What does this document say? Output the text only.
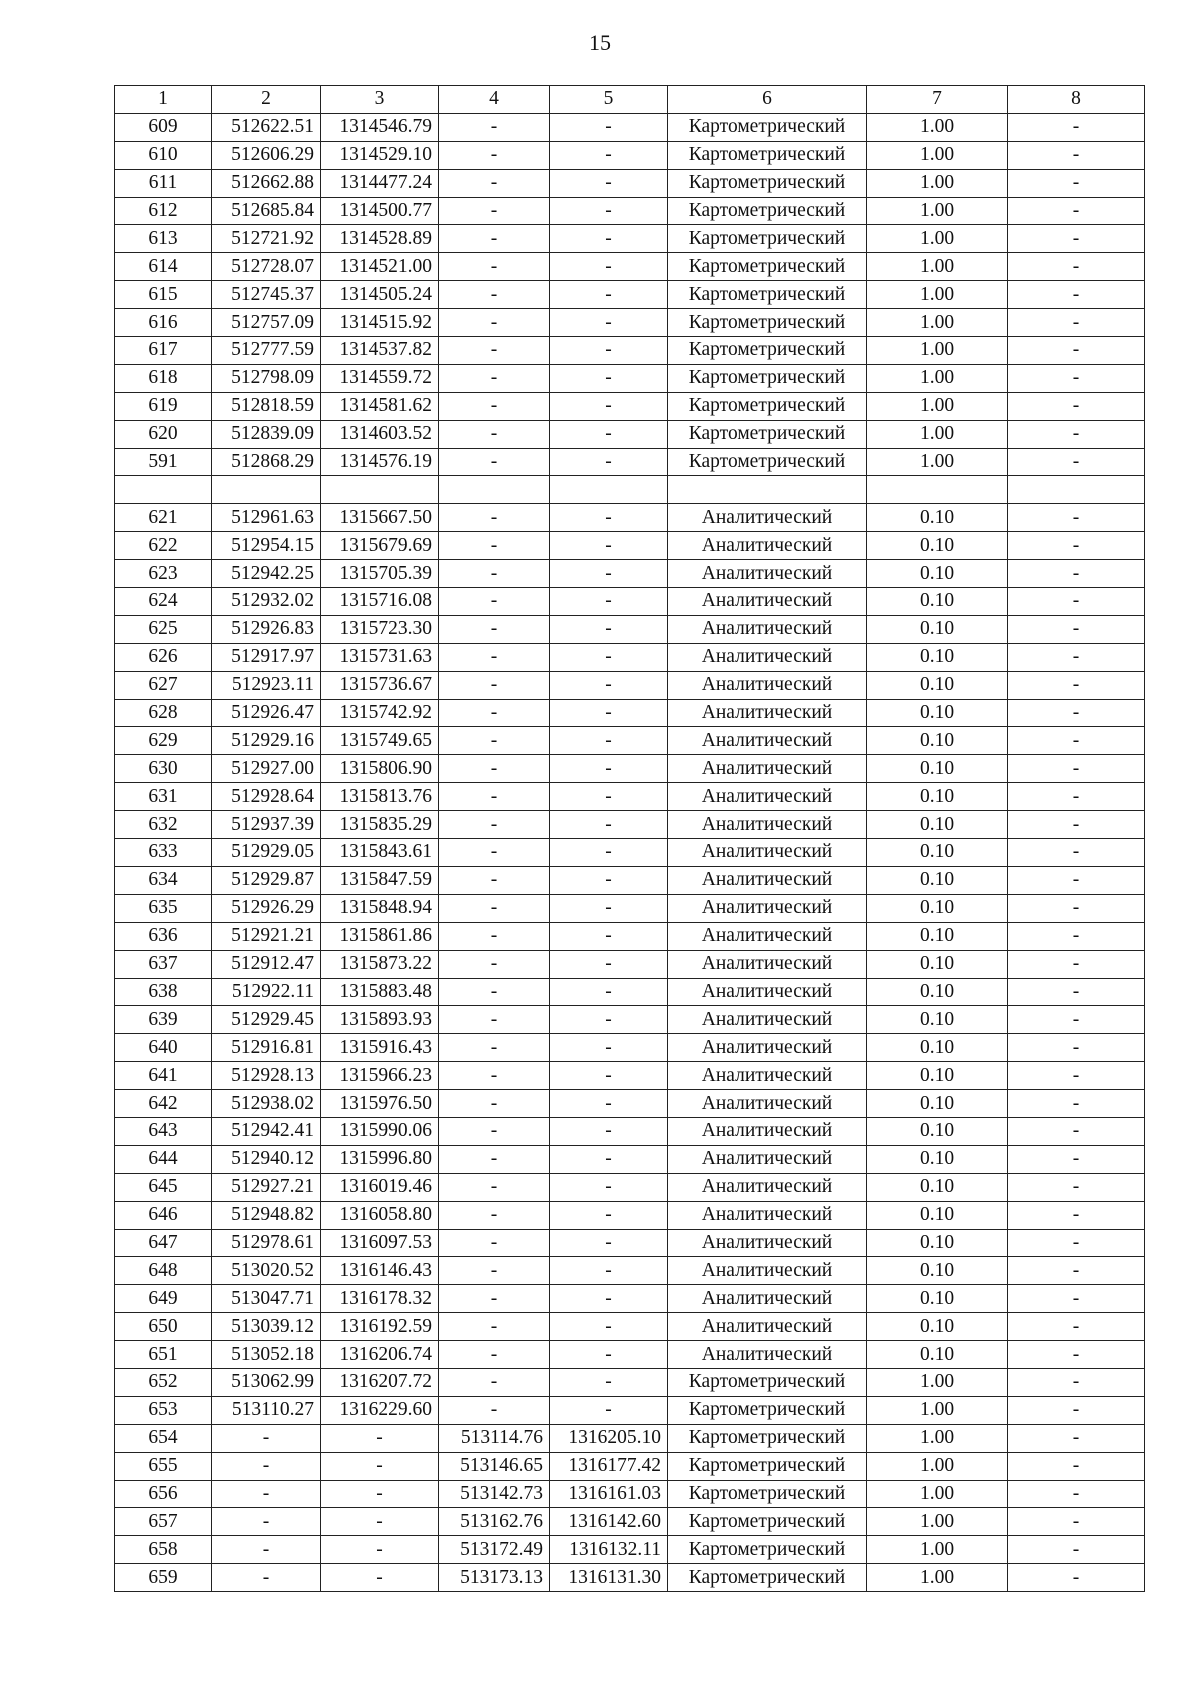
15
1	2	3	4	5	6	7	8
609	512622.51	1314546.79	-	-	Картометрический	1.00	-
610	512606.29	1314529.10	-	-	Картометрический	1.00	-
611	512662.88	1314477.24	-	-	Картометрический	1.00	-
612	512685.84	1314500.77	-	-	Картометрический	1.00	-
613	512721.92	1314528.89	-	-	Картометрический	1.00	-
614	512728.07	1314521.00	-	-	Картометрический	1.00	-
615	512745.37	1314505.24	-	-	Картометрический	1.00	-
616	512757.09	1314515.92	-	-	Картометрический	1.00	-
617	512777.59	1314537.82	-	-	Картометрический	1.00	-
618	512798.09	1314559.72	-	-	Картометрический	1.00	-
619	512818.59	1314581.62	-	-	Картометрический	1.00	-
620	512839.09	1314603.52	-	-	Картометрический	1.00	-
591	512868.29	1314576.19	-	-	Картометрический	1.00	-

621	512961.63	1315667.50	-	-	Аналитический	0.10	-
622	512954.15	1315679.69	-	-	Аналитический	0.10	-
623	512942.25	1315705.39	-	-	Аналитический	0.10	-
624	512932.02	1315716.08	-	-	Аналитический	0.10	-
625	512926.83	1315723.30	-	-	Аналитический	0.10	-
626	512917.97	1315731.63	-	-	Аналитический	0.10	-
627	512923.11	1315736.67	-	-	Аналитический	0.10	-
628	512926.47	1315742.92	-	-	Аналитический	0.10	-
629	512929.16	1315749.65	-	-	Аналитический	0.10	-
630	512927.00	1315806.90	-	-	Аналитический	0.10	-
631	512928.64	1315813.76	-	-	Аналитический	0.10	-
632	512937.39	1315835.29	-	-	Аналитический	0.10	-
633	512929.05	1315843.61	-	-	Аналитический	0.10	-
634	512929.87	1315847.59	-	-	Аналитический	0.10	-
635	512926.29	1315848.94	-	-	Аналитический	0.10	-
636	512921.21	1315861.86	-	-	Аналитический	0.10	-
637	512912.47	1315873.22	-	-	Аналитический	0.10	-
638	512922.11	1315883.48	-	-	Аналитический	0.10	-
639	512929.45	1315893.93	-	-	Аналитический	0.10	-
640	512916.81	1315916.43	-	-	Аналитический	0.10	-
641	512928.13	1315966.23	-	-	Аналитический	0.10	-
642	512938.02	1315976.50	-	-	Аналитический	0.10	-
643	512942.41	1315990.06	-	-	Аналитический	0.10	-
644	512940.12	1315996.80	-	-	Аналитический	0.10	-
645	512927.21	1316019.46	-	-	Аналитический	0.10	-
646	512948.82	1316058.80	-	-	Аналитический	0.10	-
647	512978.61	1316097.53	-	-	Аналитический	0.10	-
648	513020.52	1316146.43	-	-	Аналитический	0.10	-
649	513047.71	1316178.32	-	-	Аналитический	0.10	-
650	513039.12	1316192.59	-	-	Аналитический	0.10	-
651	513052.18	1316206.74	-	-	Аналитический	0.10	-
652	513062.99	1316207.72	-	-	Картометрический	1.00	-
653	513110.27	1316229.60	-	-	Картометрический	1.00	-
654	-	-	513114.76	1316205.10	Картометрический	1.00	-
655	-	-	513146.65	1316177.42	Картометрический	1.00	-
656	-	-	513142.73	1316161.03	Картометрический	1.00	-
657	-	-	513162.76	1316142.60	Картометрический	1.00	-
658	-	-	513172.49	1316132.11	Картометрический	1.00	-
659	-	-	513173.13	1316131.30	Картометрический	1.00	-
